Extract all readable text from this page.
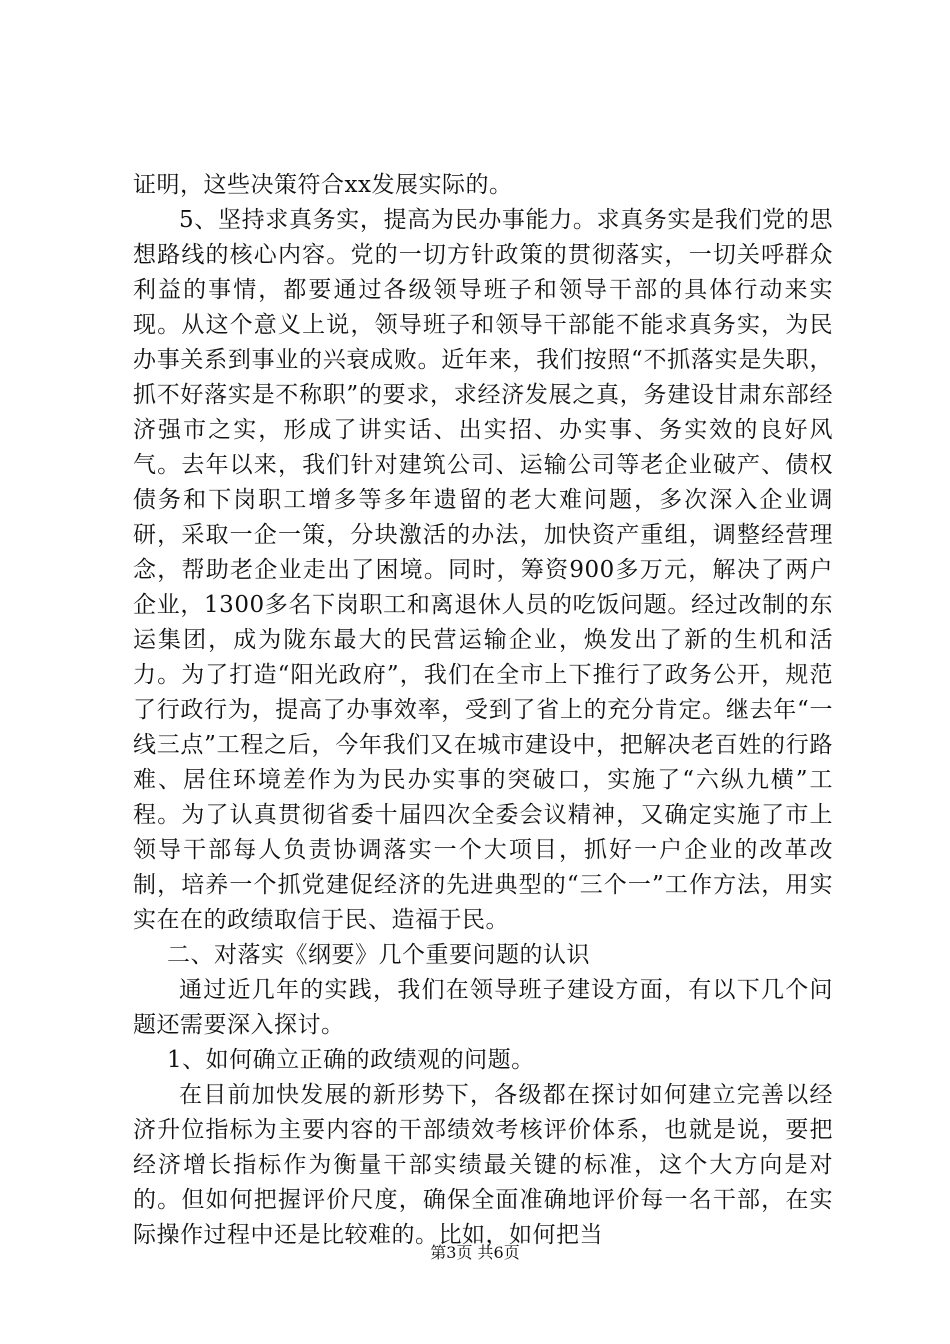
证明，这些决策符合xx发展实际的。

5、坚持求真务实，提高为民办事能力。求真务实是我们党的思想路线的核心内容。党的一切方针政策的贯彻落实，一切关呼群众利益的事情，都要通过各级领导班子和领导干部的具体行动来实现。从这个意义上说，领导班子和领导干部能不能求真务实，为民办事关系到事业的兴衰成败。近年来，我们按照“不抓落实是失职，抓不好落实是不称职”的要求，求经济发展之真，务建设甘肃东部经济强市之实，形成了讲实话、出实招、办实事、务实效的良好风气。去年以来，我们针对建筑公司、运输公司等老企业破产、债权债务和下岗职工增多等多年遗留的老大难问题，多次深入企业调研，采取一企一策，分块激活的办法，加快资产重组，调整经营理念，帮助老企业走出了困境。同时，筹资900多万元，解决了两户企业，1300多名下岗职工和离退休人员的吃饭问题。经过改制的东运集团，成为陇东最大的民营运输企业，焕发出了新的生机和活力。为了打造“阳光政府”，我们在全市上下推行了政务公开，规范了行政行为，提高了办事效率，受到了省上的充分肯定。继去年“一线三点”工程之后，今年我们又在城市建设中，把解决老百姓的行路难、居住环境差作为为民办实事的突破口，实施了“六纵九横”工程。为了认真贯彻省委十届四次全委会议精神，又确定实施了市上领导干部每人负责协调落实一个大项目，抓好一户企业的改革改制，培养一个抓党建促经济的先进典型的“三个一”工作方法，用实实在在的政绩取信于民、造福于民。

二、对落实《纲要》几个重要问题的认识

通过近几年的实践，我们在领导班子建设方面，有以下几个问题还需要深入探讨。

1、如何确立正确的政绩观的问题。

在目前加快发展的新形势下，各级都在探讨如何建立完善以经济升位指标为主要内容的干部绩效考核评价体系，也就是说，要把经济增长指标作为衡量干部实绩最关键的标准，这个大方向是对的。但如何把握评价尺度，确保全面准确地评价每一名干部，在实际操作过程中还是比较难的。比如，如何把当

第3页 共6页
